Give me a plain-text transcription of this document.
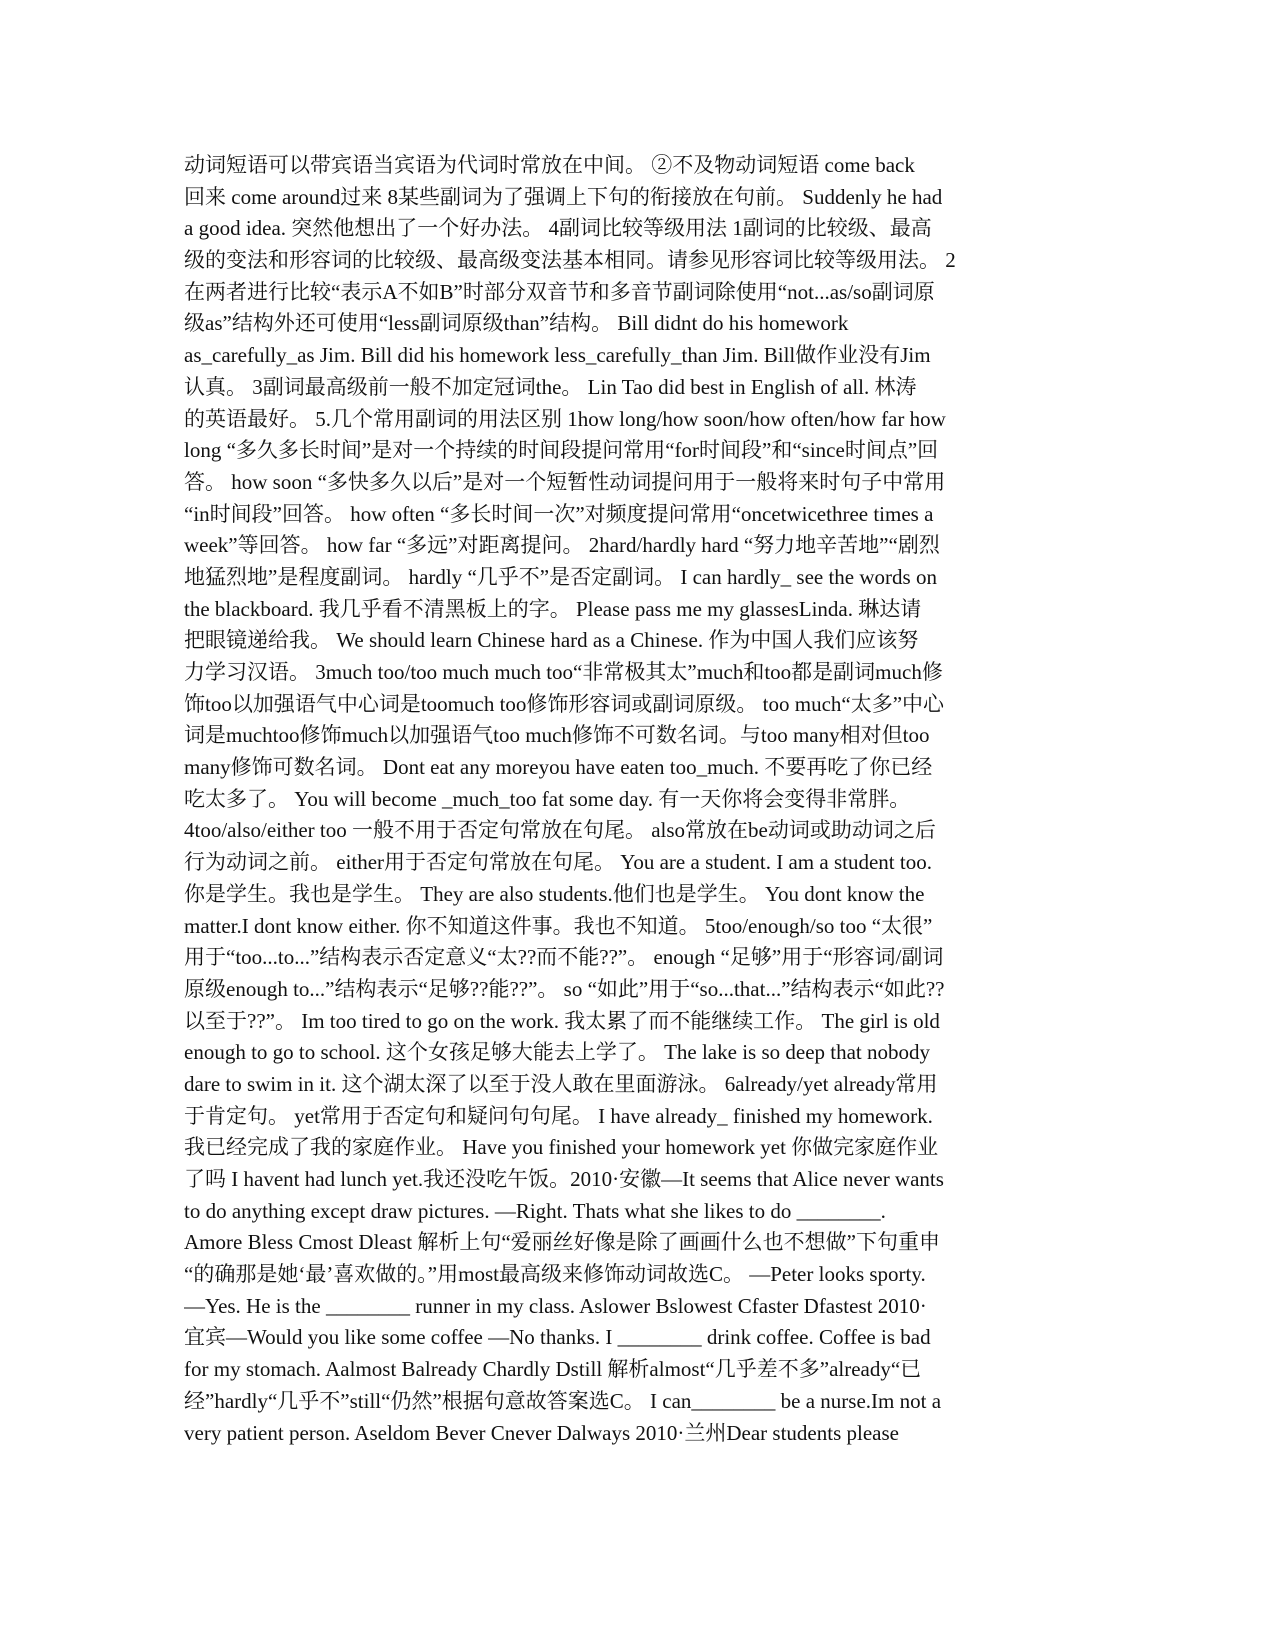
动词短语可以带宾语当宾语为代词时常放在中间。 ②不及物动词短语 come back
回来 come around过来 8某些副词为了强调上下句的衔接放在句前。 Suddenly he had
a good idea. 突然他想出了一个好办法。 4副词比较等级用法 1副词的比较级、最高
级的变法和形容词的比较级、最高级变法基本相同。请参见形容词比较等级用法。 2
在两者进行比较“表示A不如B”时部分双音节和多音节副词除使用“not...as/so副词原
级as”结构外还可使用“less副词原级than”结构。 Bill didnt do his homework
as_carefully_as Jim. Bill did his homework less_carefully_than Jim. Bill做作业没有Jim
认真。 3副词最高级前一般不加定冠词the。 Lin Tao did best in English of all. 林涛
的英语最好。 5.几个常用副词的用法区别 1how long/how soon/how often/how far how
long “多久多长时间”是对一个持续的时间段提问常用“for时间段”和“since时间点”回
答。 how soon “多快多久以后”是对一个短暂性动词提问用于一般将来时句子中常用
“in时间段”回答。 how often “多长时间一次”对频度提问常用“oncetwicethree times a
week”等回答。 how far “多远”对距离提问。 2hard/hardly hard “努力地辛苦地”“剧烈
地猛烈地”是程度副词。 hardly “几乎不”是否定副词。 I can hardly_ see the words on
the blackboard. 我几乎看不清黑板上的字。 Please pass me my glassesLinda. 琳达请
把眼镜递给我。 We should learn Chinese hard as a Chinese. 作为中国人我们应该努
力学习汉语。 3much too/too much much too“非常极其太”much和too都是副词much修
饰too以加强语气中心词是toomuch too修饰形容词或副词原级。 too much“太多”中心
词是muchtoo修饰much以加强语气too much修饰不可数名词。与too many相对但too
many修饰可数名词。 Dont eat any moreyou have eaten too_much. 不要再吃了你已经
吃太多了。 You will become _much_too fat some day. 有一天你将会变得非常胖。
4too/also/either too 一般不用于否定句常放在句尾。 also常放在be动词或助动词之后
行为动词之前。 either用于否定句常放在句尾。 You are a student. I am a student too.
你是学生。我也是学生。 They are also students.他们也是学生。 You dont know the
matter.I dont know either. 你不知道这件事。我也不知道。 5too/enough/so too “太很”
用于“too...to...”结构表示否定意义“太??而不能??”。 enough “足够”用于“形容词/副词
原级enough to...”结构表示“足够??能??”。 so “如此”用于“so...that...”结构表示“如此??
以至于??”。 Im too tired to go on the work. 我太累了而不能继续工作。 The girl is old
enough to go to school. 这个女孩足够大能去上学了。 The lake is so deep that nobody
dare to swim in it. 这个湖太深了以至于没人敢在里面游泳。 6already/yet already常用
于肯定句。 yet常用于否定句和疑问句句尾。 I have already_ finished my homework.
我已经完成了我的家庭作业。 Have you finished your homework yet 你做完家庭作业
了吗 I havent had lunch yet.我还没吃午饭。2010·安徽—It seems that Alice never wants
to do anything except draw pictures. —Right. Thats what she likes to do ________.
Amore Bless Cmost Dleast 解析上句“爱丽丝好像是除了画画什么也不想做”下句重申
“的确那是她‘最’喜欢做的。”用most最高级来修饰动词故选C。 —Peter looks sporty.
—Yes. He is the ________ runner in my class. Aslower Bslowest Cfaster Dfastest 2010·
宜宾—Would you like some coffee —No thanks. I ________ drink coffee. Coffee is bad
for my stomach. Aalmost Balready Chardly Dstill 解析almost“几乎差不多”already“已
经”hardly“几乎不”still“仍然”根据句意故答案选C。 I can________ be a nurse.Im not a
very patient person. Aseldom Bever Cnever Dalways 2010·兰州Dear students please
